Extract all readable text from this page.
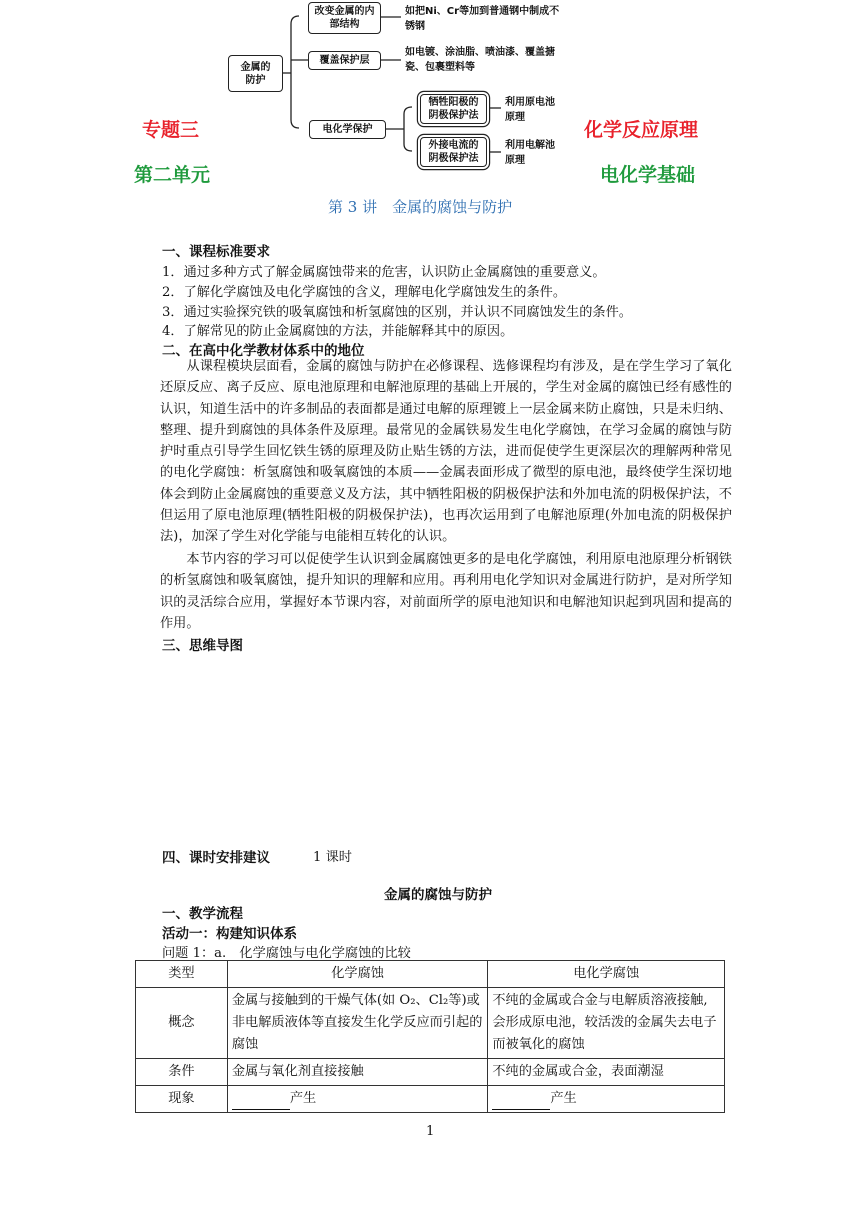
金属的防护
改变金属的内部结构
如把Ni、Cr等加到普通钢中制成不锈钢
覆盖保护层
如电镀、涂油脂、喷油漆、覆盖搪瓷、包裹塑料等
电化学保护
牺牲阳极的阴极保护法
利用原电池原理
外接电流的阴极保护法
利用电解池原理
专题三	化学反应原理
第二单元	电化学基础
第 3 讲　金属的腐蚀与防护
一、课程标准要求
1．通过多种方式了解金属腐蚀带来的危害，认识防止金属腐蚀的重要意义。
2．了解化学腐蚀及电化学腐蚀的含义，理解电化学腐蚀发生的条件。
3．通过实验探究铁的吸氧腐蚀和析氢腐蚀的区别，并认识不同腐蚀发生的条件。
4．了解常见的防止金属腐蚀的方法，并能解释其中的原因。
二、在高中化学教材体系中的地位
从课程模块层面看，金属的腐蚀与防护在必修课程、选修课程均有涉及，是在学生学习了氧化还原反应、离子反应、原电池原理和电解池原理的基础上开展的，学生对金属的腐蚀已经有感性的认识，知道生活中的许多制品的表面都是通过电解的原理镀上一层金属来防止腐蚀，只是未归纳、整理、提升到腐蚀的具体条件及原理。最常见的金属铁易发生电化学腐蚀，在学习金属的腐蚀与防护时重点引导学生回忆铁生锈的原理及防止贴生锈的方法，进而促使学生更深层次的理解两种常见的电化学腐蚀：析氢腐蚀和吸氧腐蚀的本质——金属表面形成了微型的原电池，最终使学生深切地体会到防止金属腐蚀的重要意义及方法，其中牺牲阳极的阴极保护法和外加电流的阴极保护法，不但运用了原电池原理(牺牲阳极的阴极保护法)，也再次运用到了电解池原理(外加电流的阴极保护法)，加深了学生对化学能与电能相互转化的认识。
本节内容的学习可以促使学生认识到金属腐蚀更多的是电化学腐蚀，利用原电池原理分析钢铁的析氢腐蚀和吸氧腐蚀，提升知识的理解和应用。再利用电化学知识对金属进行防护，是对所学知识的灵活综合应用，掌握好本节课内容，对前面所学的原电池知识和电解池知识起到巩固和提高的作用。
三、思维导图
四、课时安排建议	1 课时
金属的腐蚀与防护
一、教学流程
活动一：构建知识体系
问题 1：a.　化学腐蚀与电化学腐蚀的比较
类型	化学腐蚀	电化学腐蚀
概念	金属与接触到的干燥气体(如 O₂、Cl₂等)或非电解质液体等直接发生化学反应而引起的腐蚀	不纯的金属或合金与电解质溶液接触,会形成原电池，较活泼的金属失去电子而被氧化的腐蚀
条件	金属与氧化剂直接接触	不纯的金属或合金，表面潮湿
现象	产生	产生
1
